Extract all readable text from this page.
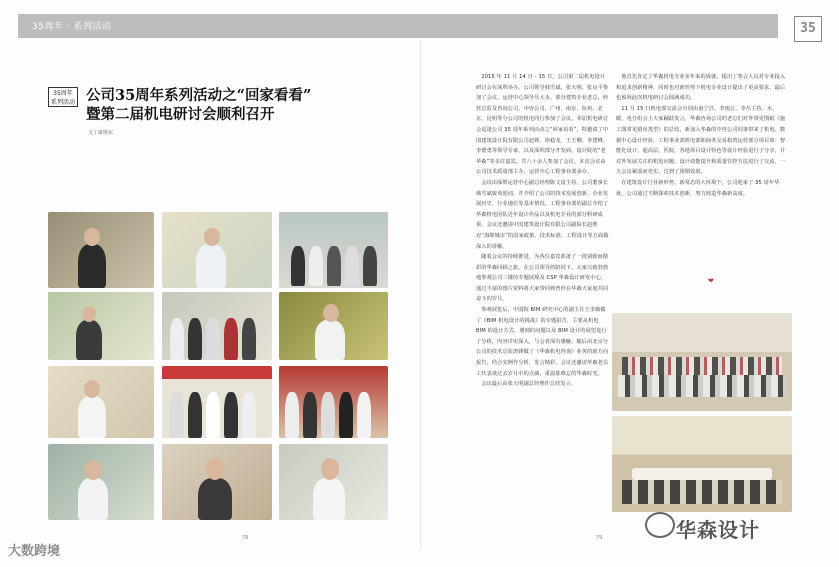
35周年 · 系列活动	35
35周年
系列活动 公司35周年系列活动之“回家看看”
暨第二届机电研讨会顺利召开
文 / 康艳东
78

2015 年 11 月 14 日 - 15 日，公司第二届机电设计研讨会在深圳举办。公司领导韩雪斌、张大明、张良平参加了会议，运营中心领导丛大永、部分建筑专业老总、经营总监及咨询公司、中咨公司、广州、南京、杭州、北京、昆明等分公司的机电同行参加了会议。本届机电研讨会适逢公司 35 周年系列活动之“回家看看”，特邀请了中国建筑设计院有限公司赵锂、徐稳龙、王玉卿、李建峰、李德勇等领导专家，以及深圳部分开发商、设计院的“老华森”等多位嘉宾，共六十余人参加了会议。本次会议由公司技术质量部主办，运营中心工程事业部承办。

会议由深圳运营中心副总经理陈文富主持，公司董事长韩雪斌致欢迎词，并介绍了公司的技术发展创新、企业发展历史、行业地位等基本情况。工程事业部的副总介绍了华森机电团队近年设计作品以及机电专业的部分科研成果。会议还邀请中国建筑设计院有限公司副院长赵锂对“海绵城市”的国家政策、技术标准、工程设计等方面做深入的讲解。

随着会议的持续推进，为各位嘉宾准备了一段别致而精彩的华森回顾之旅。在公司领导的陪同下，大家兴致勃勃地参观公司三楼的专题展现及 CSP 华森设计研发中心，通过丰富的图片资料将大家带回到曾经在华森大家庭共同奋斗的岁月。

参观展览后，中国院 BIM 研究中心的副主任王李薇做了《BIM 机电设计的挑战》的专题报告，主要从机电 BIM 的设计方式、遇到的问题以及 BIM 设计的展望进行了分析，内容详实深入，与会者深有感触。随后由北京分公司的技术总监唐锋做了《华森机电咨询》业务的新方向报告，结合实例作分析，发言精彩。会议还邀请华森老员工代表谈过去岁月中的点滴，重温那难忘的华森时光。

会议最后由张大明副总经理作总结发言，

他首先肯定了华森机电专业多年来的成就，提出了参会人员对专业投入和追求创新精神，同时也对新形势下机电专业设计提出了更高要求，最后也预祝此次机电研讨会圆满成功。

11 月 15 日机电部交流会分别由南宁昌、李雨公、李丛主持、水、暖、电分组会上大家踊跃发言，华森咨询公司的老总们对外带更图纸《施工图常见错误类型》的总结，新加入华森的中咨公司同事带来了机电、数据中心设计经验，工程事业部机电部和商务交易构筑运营部分项目如：智能化设计、超高层、医院、各地项目设计特色等设计经验进行了分享，并对外发展关注的机电问题、设计效能提升和质量管控方法进行了交流，一天会议紧凑而充实，达到了预期效果。

在建筑设计行业新形势、新常态的大环境下，公司迎来了 35 周年华诞，公司通过不断探索技术创新，努力铸造华森新高度。

❤
79	华森设计
大数跨境
